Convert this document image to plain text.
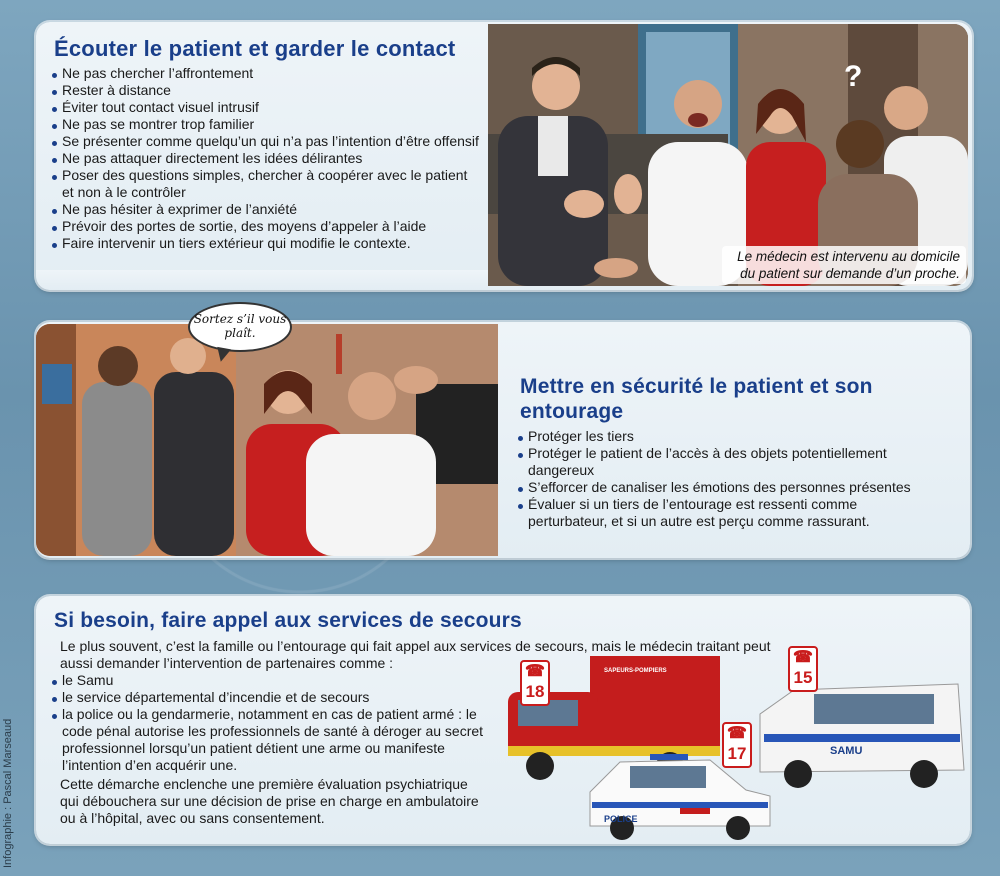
Infographie : Pascal Marseaud
?
Écouter le patient et garder le contact
Ne pas chercher l’affrontement
Rester à distance
Éviter tout contact visuel intrusif
Ne pas se montrer trop familier
Se présenter comme quelqu’un qui n’a pas l’intention d’être offensif
Ne pas attaquer directement les idées délirantes
Poser des questions simples, chercher à coopérer avec le patient et non à le contrôler
Ne pas hésiter à exprimer de l’anxiété
Prévoir des portes de sortie, des moyens d’appeler à l’aide
Faire intervenir un tiers extérieur qui modifie le contexte.
Le médecin est intervenu au domicile du patient sur demande d’un proche.
Sortez s’il vous plaît.
Mettre en sécurité le patient et son entourage
Protéger les tiers
Protéger le patient de l’accès à des objets potentiellement dangereux
S’efforcer de canaliser les émotions des personnes présentes
Évaluer si un tiers de l’entourage est ressenti comme perturbateur, et si un autre est perçu comme rassurant.
Si besoin, faire appel aux services de secours

Le plus souvent, c’est la famille ou l’entourage qui fait appel aux services de secours, mais le médecin traitant peut aussi demander l’intervention de partenaires comme :

le Samu
le service départemental d’incendie et de secours
la police ou la gendarmerie, notamment en cas de patient armé : le code pénal autorise les professionnels de santé à déroger au secret professionnel lorsqu’un patient détient une arme ou manifeste l’intention d’en acquérir une.

Cette démarche enclenche une première évaluation psychiatrique qui débouchera sur une décision de prise en charge en ambulatoire ou à l’hôpital, avec ou sans consentement.

SAPEURS-POMPIERS
POLICE
☎
18
☎
17	SAMU
☎
15
